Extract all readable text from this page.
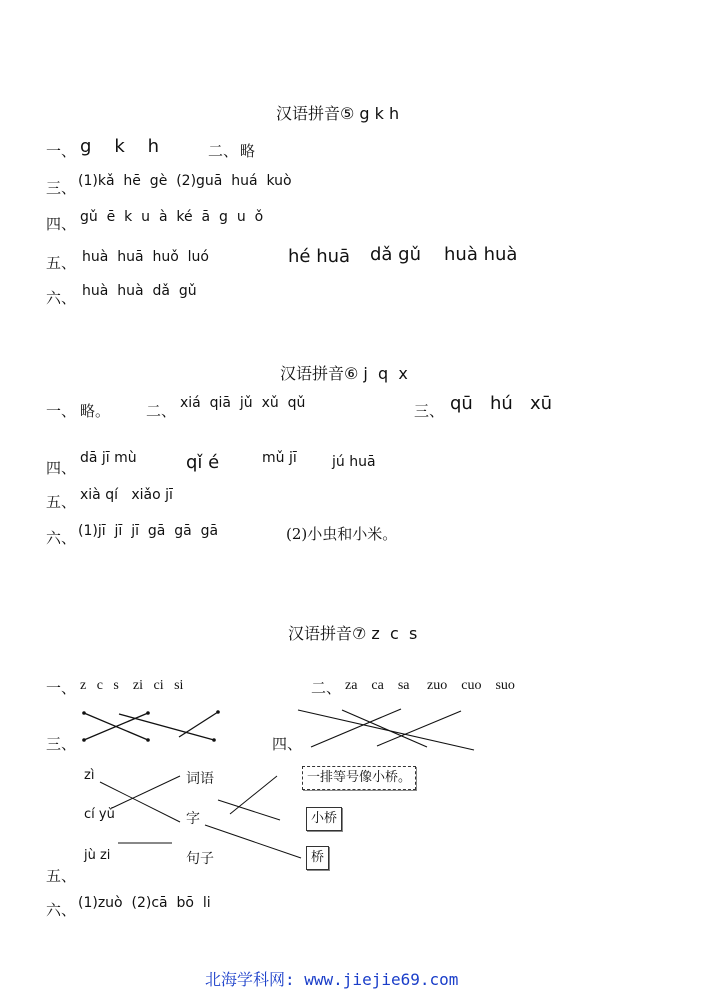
汉语拼音⑤ g k h
一、 g    k    h	二、 略
三、 (1)kǎ  hē  gè  (2)guā  huá  kuò
四、 gǔ  ē  k  u  à  ké  ā  g  u  ǒ
五、 huà  huā  huǒ  luó	hé huā dǎ gǔ huà huà
六、 huà  huà  dǎ  gǔ
汉语拼音⑥ j  q  x
一、 略。 二、 xiá  qiā  jǔ  xǔ  qǔ	三、 qū   hú   xū
四、
dā jī mù	qǐ é	mǔ jī	jú huā
五、 xià qí   xiǎo jī
六、 (1)jī  jī  jī  gā  gā  gā	(2)小虫和小米。
汉语拼音⑦ z  c  s
一、 z   c   s    zi   ci   si	二、 za    ca    sa     zuo    cuo    suo
三、	四、
zì
cí yǔ
jù zi
词语
字
句子
一排等号像小桥。
小桥
桥
五、
六、 (1)zuò  (2)cā  bō  li
北海学科网: www.jiejie69.com
